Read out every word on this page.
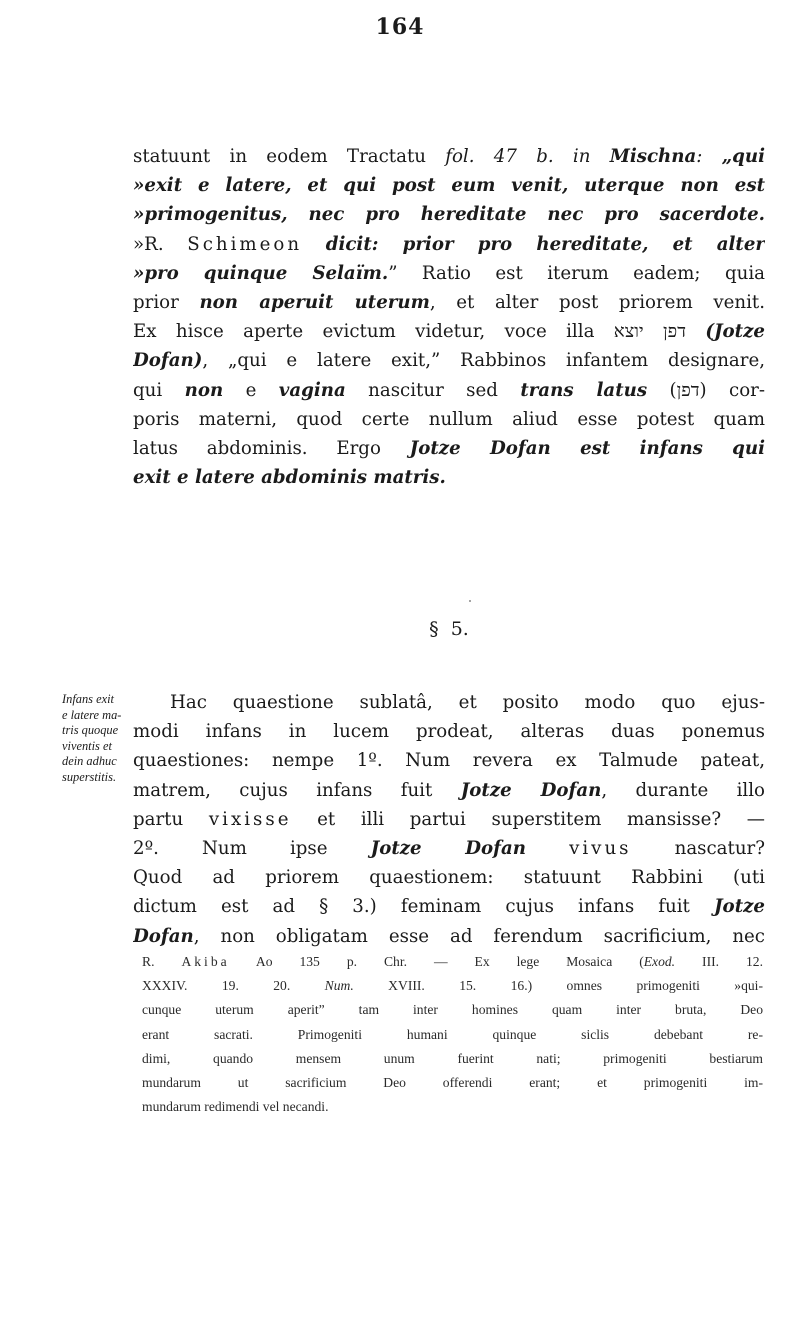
164
statuunt in eodem Tractatu fol. 47 b. in Mischna: „qui
»exit e latere, et qui post eum venit, uterque non est
»primogenitus, nec pro hereditate nec pro sacerdote.
»R. Schimeon dicit: prior pro hereditate, et alter
»pro quinque Selaïm.” Ratio est iterum eadem; quia
prior non aperuit uterum, et alter post priorem venit.
Ex hisce aperte evictum videtur, voce illa דפן יוצא (Jotze
Dofan), „qui e latere exit,” Rabbinos infantem designare,
qui non e vagina nascitur sed trans latus (דפן) cor-
poris materni, quod certe nullum aliud esse potest quam
latus abdominis. Ergo Jotze Dofan est infans qui
exit e latere abdominis matris.
§  5.
Infans exit
e latere ma-
tris quoque
viventis et
dein adhuc
superstitis.
Hac quaestione sublatâ, et posito modo quo ejus-
modi infans in lucem prodeat, alteras duas ponemus
quaestiones: nempe 1º. Num revera ex Talmude pateat,
matrem, cujus infans fuit Jotze Dofan, durante illo
partu vixisse et illi partui superstitem mansisse? —
2º. Num ipse Jotze Dofan vivus nascatur?
Quod ad priorem quaestionem: statuunt Rabbini (uti
dictum est ad § 3.) feminam cujus infans fuit Jotze
Dofan, non obligatam esse ad ferendum sacrificium, nec
R. Akiba Ao 135 p. Chr. — Ex lege Mosaica (Exod. III. 12.
XXXIV. 19. 20. Num. XVIII. 15. 16.) omnes primogeniti »qui-
cunque uterum aperit” tam inter homines quam inter bruta, Deo
erant sacrati. Primogeniti humani quinque siclis debebant re-
dimi, quando mensem unum fuerint nati; primogeniti bestiarum
mundarum ut sacrificium Deo offerendi erant; et primogeniti im-
mundarum redimendi vel necandi.
